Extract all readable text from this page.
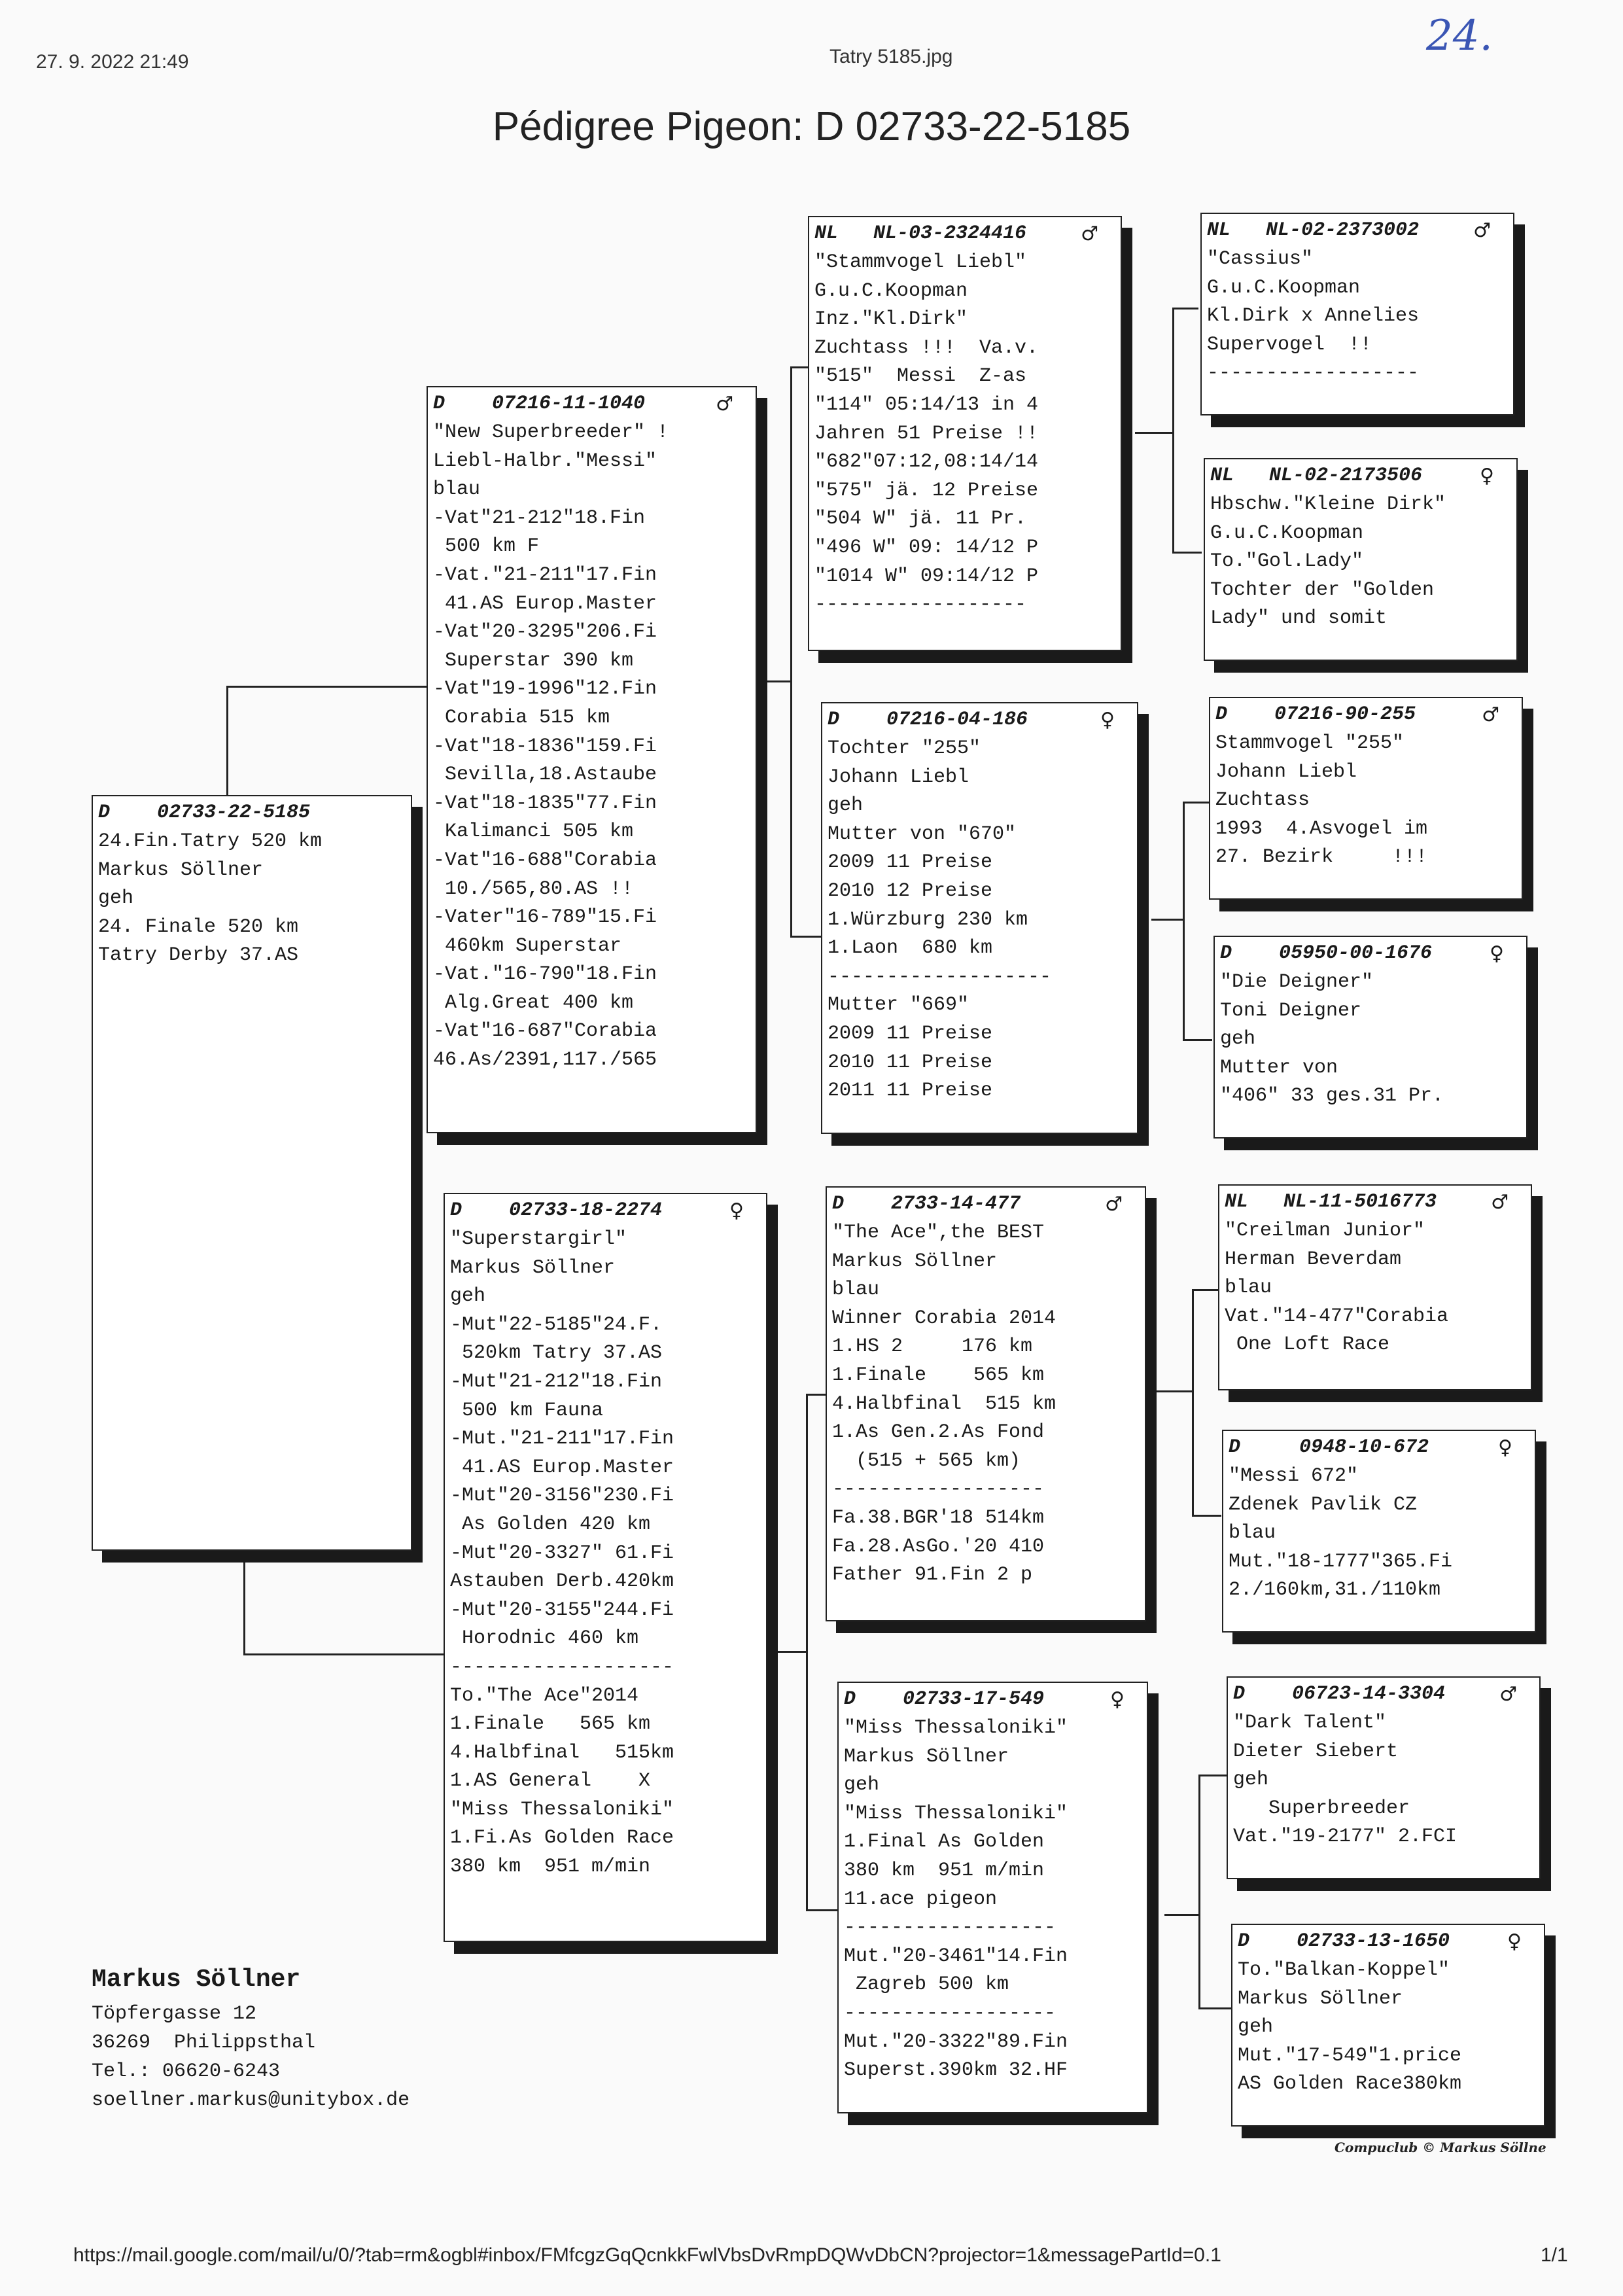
27. 9. 2022 21:49	Tatry 5185.jpg	24.
Pédigree Pigeon: D 02733-22-5185
D    02733-22-5185
24.Fin.Tatry 520 km
Markus Söllner
geh
24. Finale 520 km
Tatry Derby 37.AS
D    07216-11-1040	♂
"New Superbreeder" !
Liebl-Halbr."Messi"
blau
-Vat"21-212"18.Fin
500 km F
-Vat."21-211"17.Fin
41.AS Europ.Master
-Vat"20-3295"206.Fi
Superstar 390 km
-Vat"19-1996"12.Fin
Corabia 515 km
-Vat"18-1836"159.Fi
Sevilla,18.Astaube
-Vat"18-1835"77.Fin
Kalimanci 505 km
-Vat"16-688"Corabia
10./565,80.AS !!
-Vater"16-789"15.Fi
460km Superstar
-Vat."16-790"18.Fin
Alg.Great 400 km
-Vat"16-687"Corabia
46.As/2391,117./565
D    02733-18-2274	♀
"Superstargirl"
Markus Söllner
geh
-Mut"22-5185"24.F.
520km Tatry 37.AS
-Mut"21-212"18.Fin
500 km Fauna
-Mut."21-211"17.Fin
41.AS Europ.Master
-Mut"20-3156"230.Fi
As Golden 420 km
-Mut"20-3327" 61.Fi
Astauben Derb.420km
-Mut"20-3155"244.Fi
Horodnic 460 km
-------------------
To."The Ace"2014
1.Finale   565 km
4.Halbfinal   515km
1.AS General    X
"Miss Thessaloniki"
1.Fi.As Golden Race
380 km  951 m/min
NL   NL-03-2324416	♂
"Stammvogel Liebl"
G.u.C.Koopman
Inz."Kl.Dirk"
Zuchtass !!!  Va.v.
"515"  Messi  Z-as
"114" 05:14/13 in 4
Jahren 51 Preise !!
"682"07:12,08:14/14
"575" jä. 12 Preise
"504 W" jä. 11 Pr.
"496 W" 09: 14/12 P
"1014 W" 09:14/12 P
------------------
D    07216-04-186	♀
Tochter "255"
Johann Liebl
geh
Mutter von "670"
2009 11 Preise
2010 12 Preise
1.Würzburg 230 km
1.Laon  680 km
-------------------
Mutter "669"
2009 11 Preise
2010 11 Preise
2011 11 Preise
D    2733-14-477	♂
"The Ace",the BEST
Markus Söllner
blau
Winner Corabia 2014
1.HS 2     176 km
1.Finale    565 km
4.Halbfinal  515 km
1.As Gen.2.As Fond
(515 + 565 km)
------------------
Fa.38.BGR'18 514km
Fa.28.AsGo.'20 410
Father 91.Fin 2 p
D    02733-17-549	♀
"Miss Thessaloniki"
Markus Söllner
geh
"Miss Thessaloniki"
1.Final As Golden
380 km  951 m/min
11.ace pigeon
------------------
Mut."20-3461"14.Fin
Zagreb 500 km
------------------
Mut."20-3322"89.Fin
Superst.390km 32.HF
NL   NL-02-2373002	♂
"Cassius"
G.u.C.Koopman
Kl.Dirk x Annelies
Supervogel  !!
------------------
NL   NL-02-2173506	♀
Hbschw."Kleine Dirk"
G.u.C.Koopman
To."Gol.Lady"
Tochter der "Golden
Lady" und somit
D    07216-90-255	♂
Stammvogel "255"
Johann Liebl
Zuchtass
1993  4.Asvogel im
27. Bezirk     !!!
D    05950-00-1676	♀
"Die Deigner"
Toni Deigner
geh
Mutter von
"406" 33 ges.31 Pr.
NL   NL-11-5016773	♂
"Creilman Junior"
Herman Beverdam
blau
Vat."14-477"Corabia
One Loft Race
D     0948-10-672	♀
"Messi 672"
Zdenek Pavlik CZ
blau
Mut."18-1777"365.Fi
2./160km,31./110km
D    06723-14-3304	♂
"Dark Talent"
Dieter Siebert
geh
Superbreeder
Vat."19-2177" 2.FCI
D    02733-13-1650	♀
To."Balkan-Koppel"
Markus Söllner
geh
Mut."17-549"1.price
AS Golden Race380km
Markus Söllner
Töpfergasse 12
36269  Philippsthal
Tel.: 06620-6243
soellner.markus@unitybox.de
Compuclub © Markus Söllne
https://mail.google.com/mail/u/0/?tab=rm&ogbl#inbox/FMfcgzGqQcnkkFwlVbsDvRmpDQWvDbCN?projector=1&messagePartId=0.1	1/1
